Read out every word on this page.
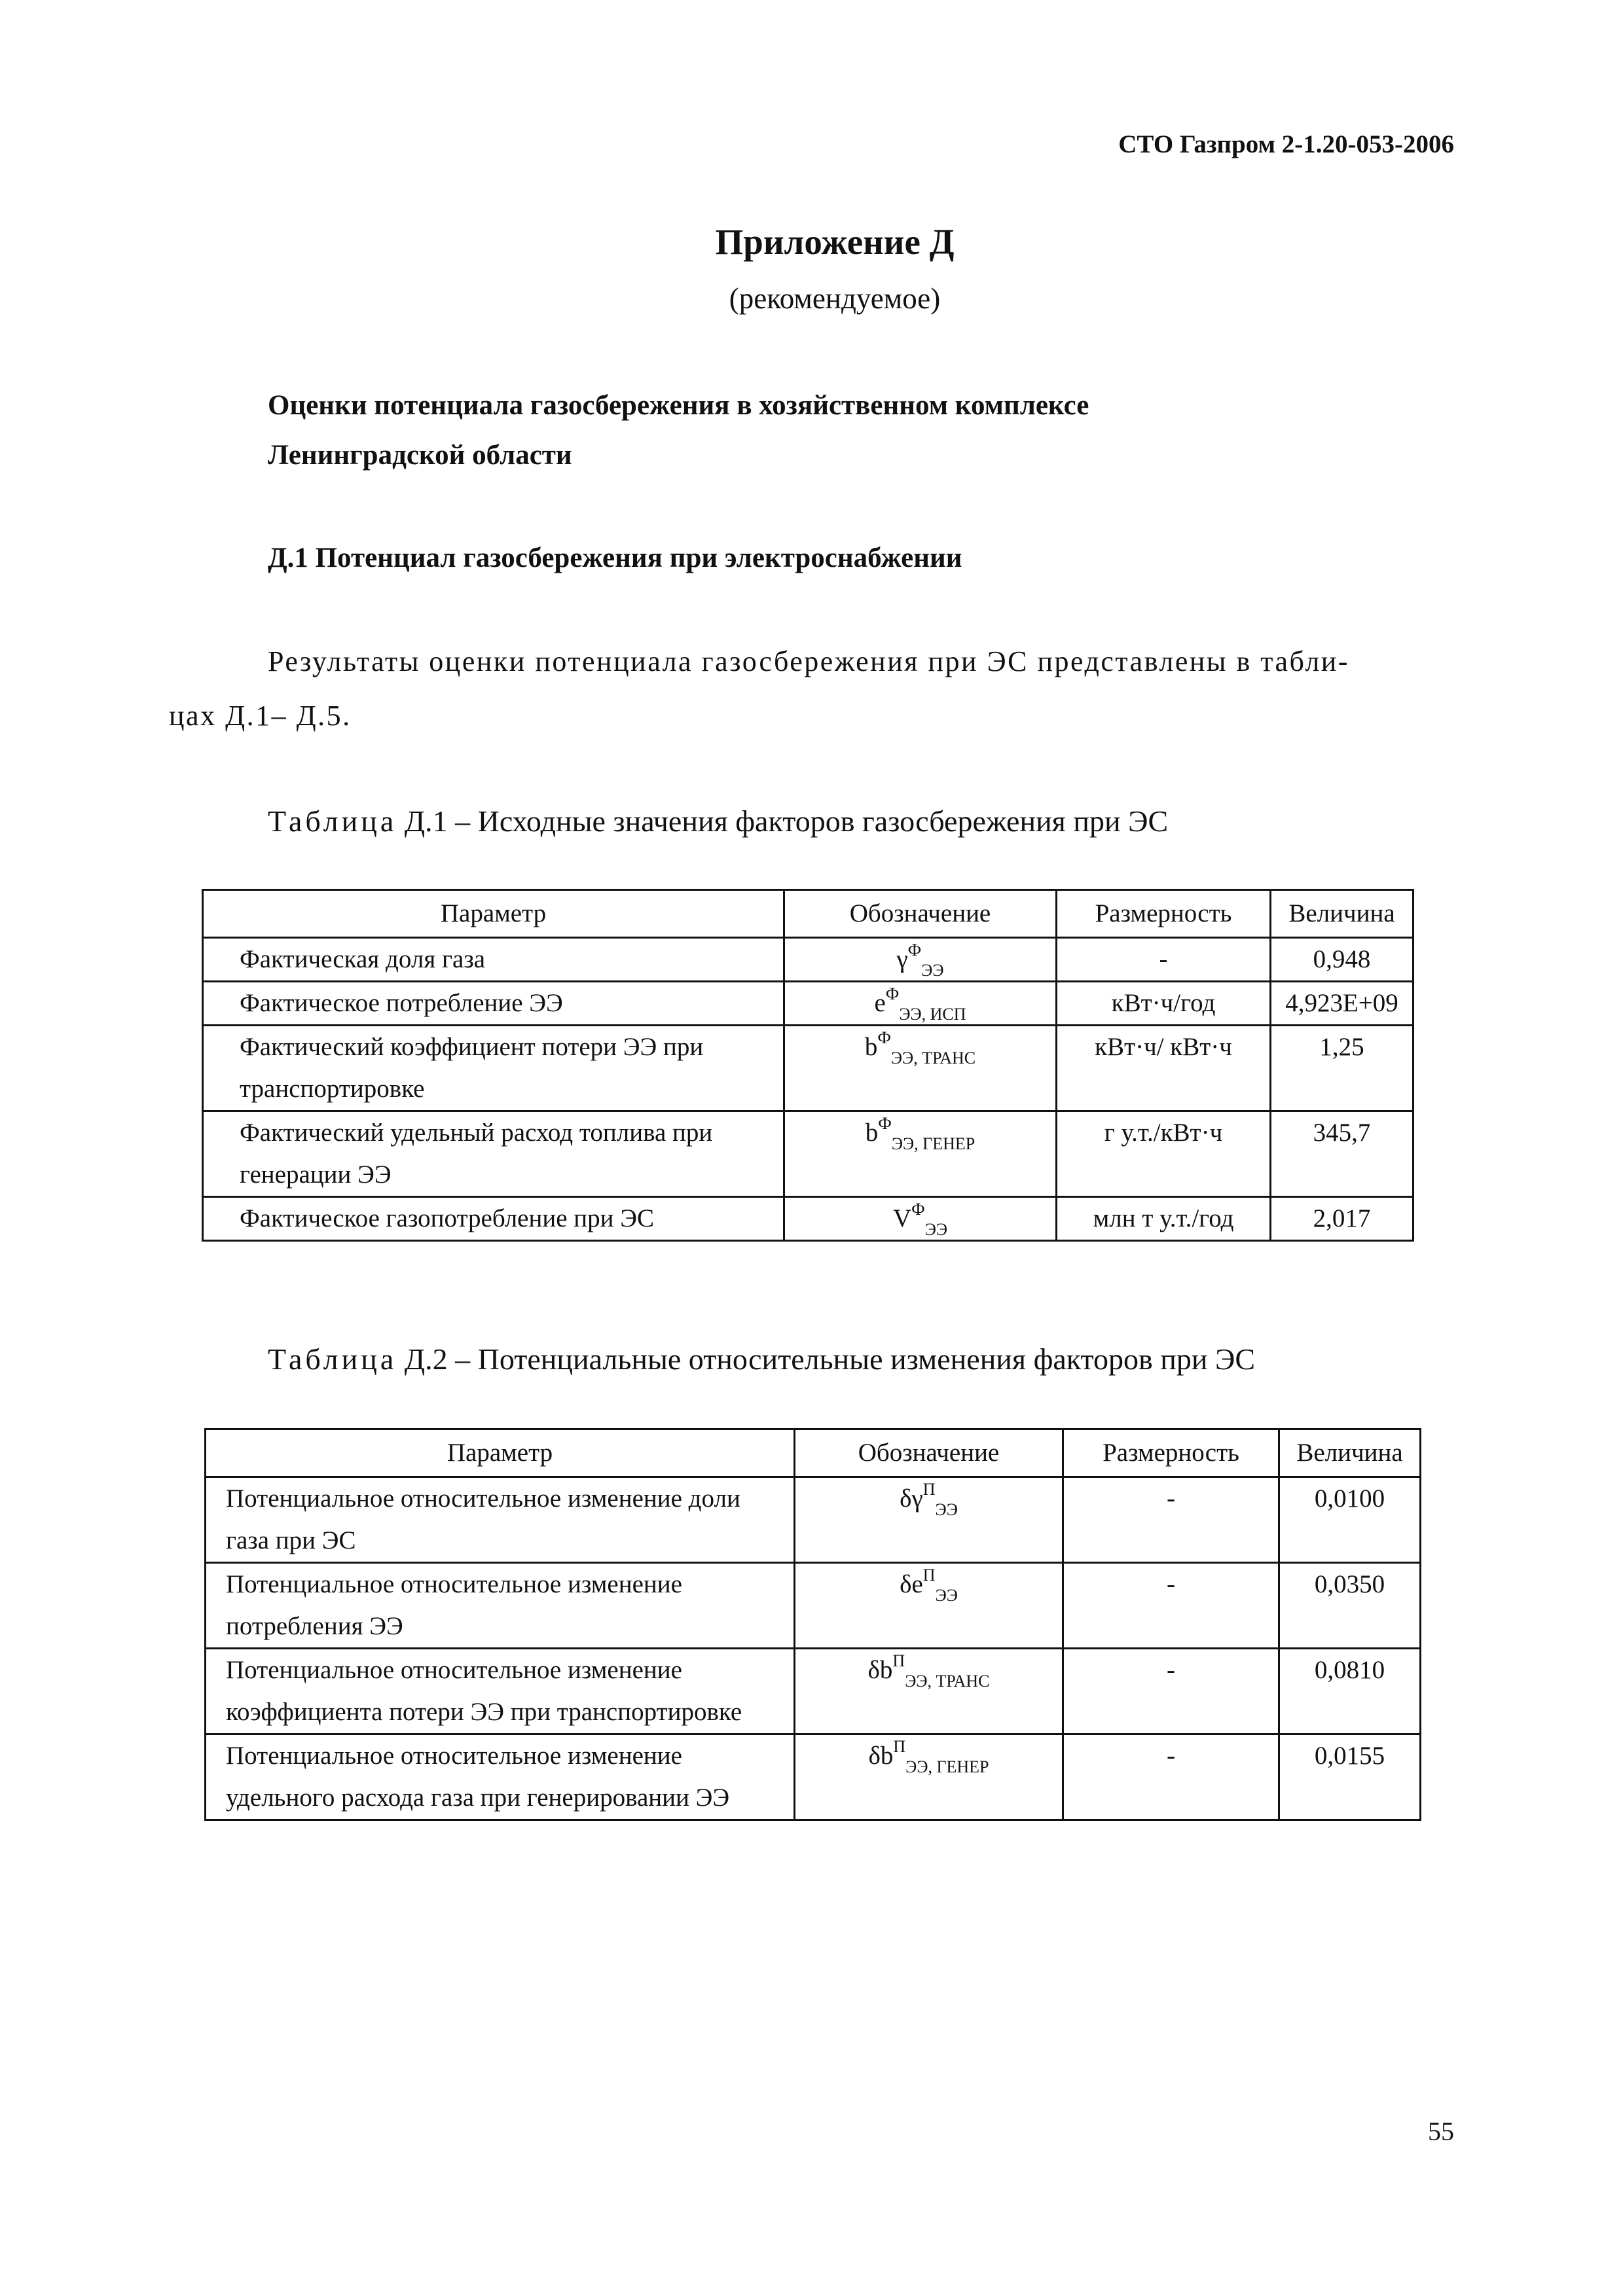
СТО Газпром 2-1.20-053-2006
Приложение Д
(рекомендуемое)
Оценки потенциала газосбережения в хозяйственном комплексе
Ленинградской области
Д.1 Потенциал газосбережения при электроснабжении
Результаты оценки потенциала газосбережения при ЭС представлены в табли-
цах Д.1– Д.5.
Таблица Д.1 – Исходные значения факторов газосбережения при ЭС
Параметр	Обозначение	Размерность	Величина

Фактическая доля газа	$\gamma^Ф_{ЭЭ}$	-	0,948

Фактическое потребление ЭЭ	$e^Ф_{ЭЭ, ИСП}$	кВт·ч/год	4,923Е+09

Фактический коэффициент потери ЭЭ при
транспортировке	$b^Ф_{ЭЭ, ТРАНС}$	кВт·ч/ кВт·ч	1,25

Фактический удельный расход топлива при
генерации ЭЭ	$b^Ф_{ЭЭ, ГЕНЕР}$	г у.т./кВт·ч	345,7

Фактическое газопотребление при ЭС	$V^Ф_{ЭЭ}$	млн т у.т./год	2,017
Таблица Д.2 – Потенциальные относительные изменения факторов при ЭС
Параметр	Обозначение	Размерность	Величина

Потенциальное относительное изменение доли
газа при ЭС	$\delta\gamma^П_{ЭЭ}$	-	0,0100

Потенциальное относительное изменение
потребления ЭЭ	$\delta e^П_{ЭЭ}$	-	0,0350

Потенциальное относительное изменение
коэффициента потери ЭЭ при транспортировке	$\delta b^П_{ЭЭ, ТРАНС}$	-	0,0810

Потенциальное относительное изменение
удельного расхода газа при генерировании ЭЭ	$\delta b^П_{ЭЭ, ГЕНЕР}$	-	0,0155
55
